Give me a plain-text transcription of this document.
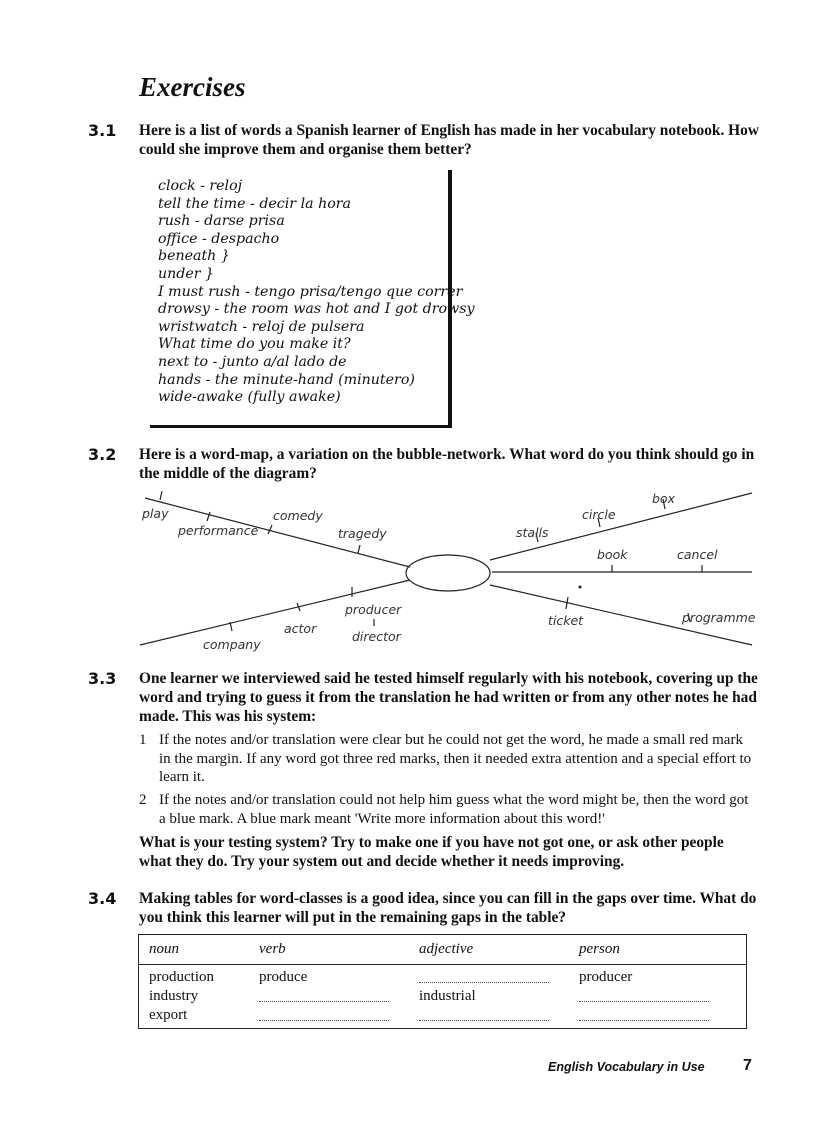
Exercises
3.1 Here is a list of words a Spanish learner of English has made in her vocabulary notebook. How could she improve them and organise them better?
clock - reloj
tell the time - decir la hora
rush - darse prisa
office - despacho
beneath }
under }
I must rush - tengo prisa/tengo que correr
drowsy - the room was hot and I got drowsy
wristwatch - reloj de pulsera
What time do you make it?
next to - junto a/al lado de
hands - the minute-hand (minutero)
wide-awake (fully awake)
3.2 Here is a word-map, a variation on the bubble-network. What word do you think should go in the middle of the diagram?
play
performance
comedy
tragedy	stalls
circle
box
book	cancel
producer
actor
director
company
ticket	programme
3.3 One learner we interviewed said he tested himself regularly with his notebook, covering up the word and trying to guess it from the translation he had written or from any other notes he had made. This was his system:
1 If the notes and/or translation were clear but he could not get the word, he made a small red mark in the margin. If any word got three red marks, then it needed extra attention and a special effort to learn it.
2 If the notes and/or translation could not help him guess what the word might be, then the word got a blue mark. A blue mark meant 'Write more information about this word!'
What is your testing system? Try to make one if you have not got one, or ask other people what they do. Try your system out and decide whether it needs improving.
3.4 Making tables for word-classes is a good idea, since you can fill in the gaps over time. What do you think this learner will put in the remaining gaps in the table?
noun	verb	adjective	person
production	produce		producer
industry		industrial	
export			
English Vocabulary in Use 7
